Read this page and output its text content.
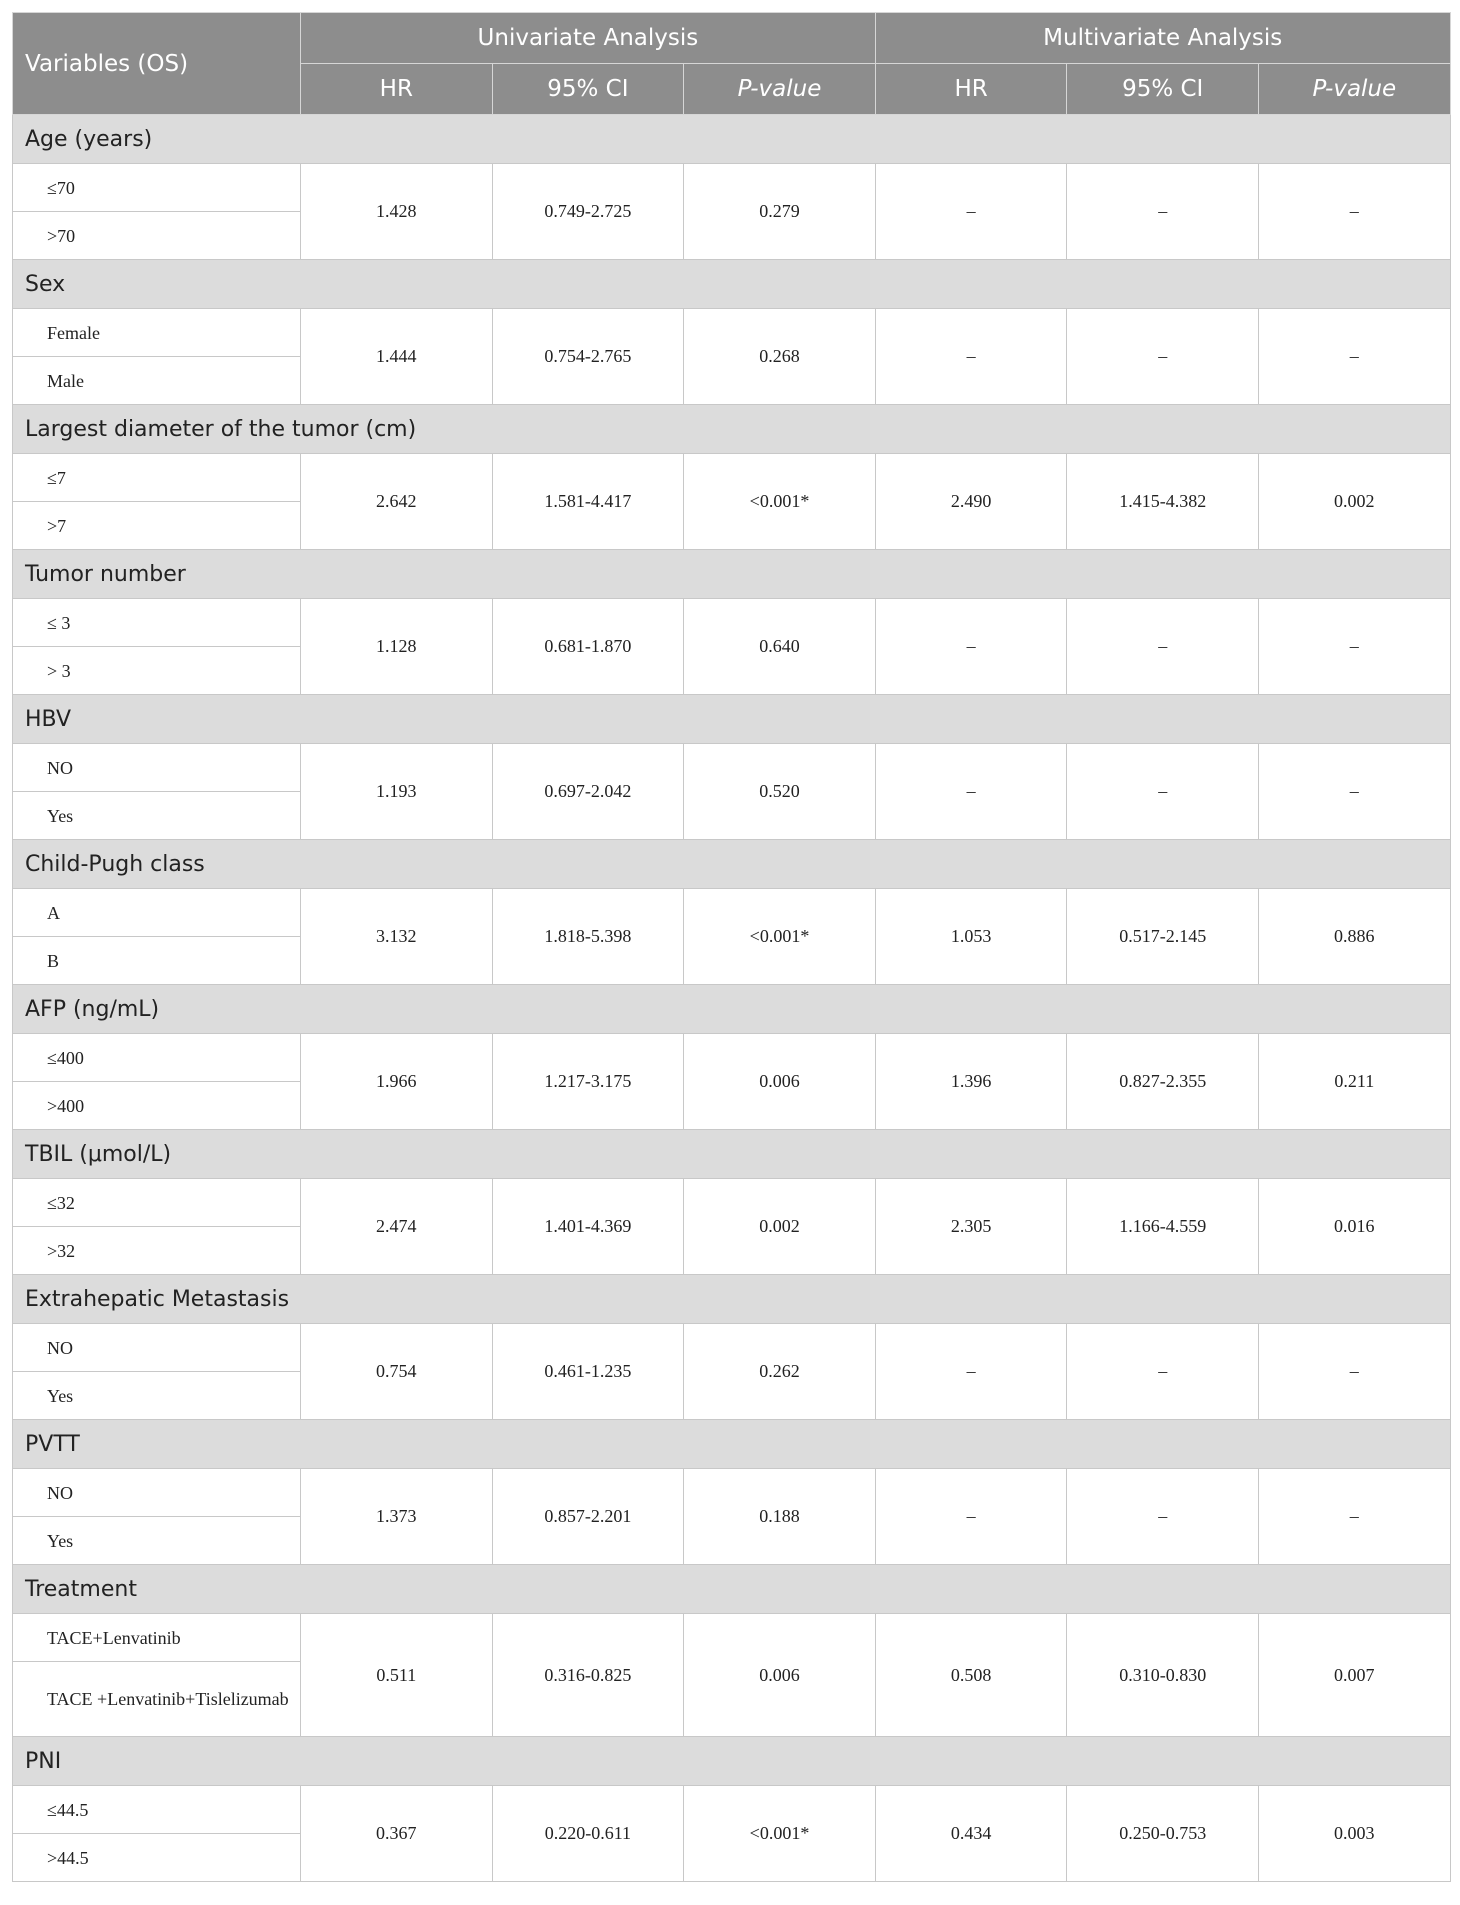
Variables (OS)	Univariate Analysis			Multivariate Analysis		
	HR	95% CI	P-value	HR	95% CI	P-value
Age (years)						
≤70	1.428	0.749-2.725	0.279	–	–	–
>70						
Sex						
Female	1.444	0.754-2.765	0.268	–	–	–
Male						
Largest diameter of the tumor (cm)						
≤7	2.642	1.581-4.417	<0.001*	2.490	1.415-4.382	0.002
>7						
Tumor number						
≤ 3	1.128	0.681-1.870	0.640	–	–	–
> 3						
HBV						
NO	1.193	0.697-2.042	0.520	–	–	–
Yes						
Child-Pugh class						
A	3.132	1.818-5.398	<0.001*	1.053	0.517-2.145	0.886
B						
AFP (ng/mL)						
≤400	1.966	1.217-3.175	0.006	1.396	0.827-2.355	0.211
>400						
TBIL (μmol/L)						
≤32	2.474	1.401-4.369	0.002	2.305	1.166-4.559	0.016
>32						
Extrahepatic Metastasis						
NO	0.754	0.461-1.235	0.262	–	–	–
Yes						
PVTT						
NO	1.373	0.857-2.201	0.188	–	–	–
Yes						
Treatment						
TACE+Lenvatinib	0.511	0.316-0.825	0.006	0.508	0.310-0.830	0.007
TACE +Lenvatinib+Tislelizumab						
PNI						
≤44.5	0.367	0.220-0.611	<0.001*	0.434	0.250-0.753	0.003
>44.5						
